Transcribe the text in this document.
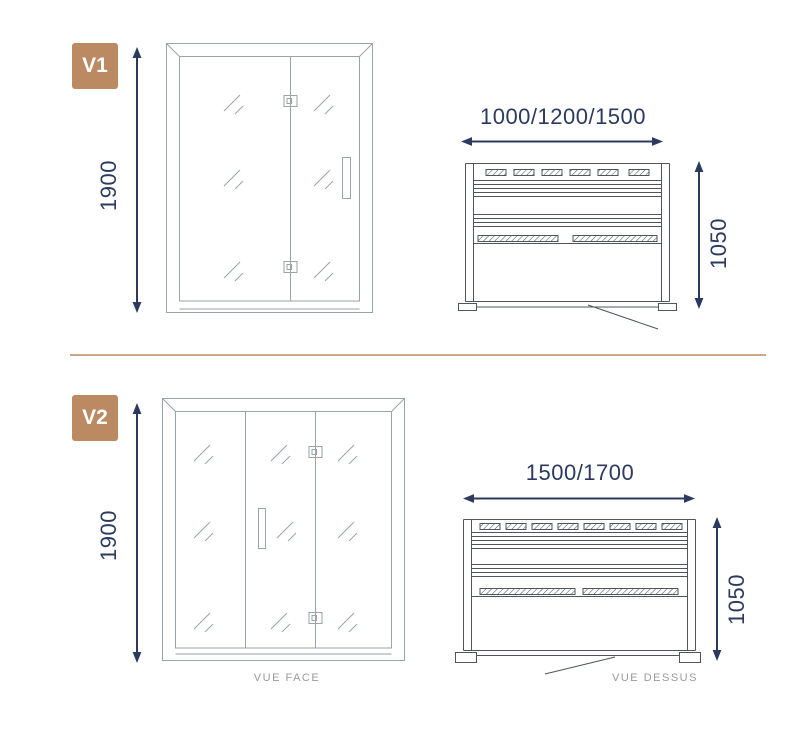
V1
1900
1000/1200/1500
1050
V2
1900
1500/1700
1050
VUE FACE	VUE DESSUS
